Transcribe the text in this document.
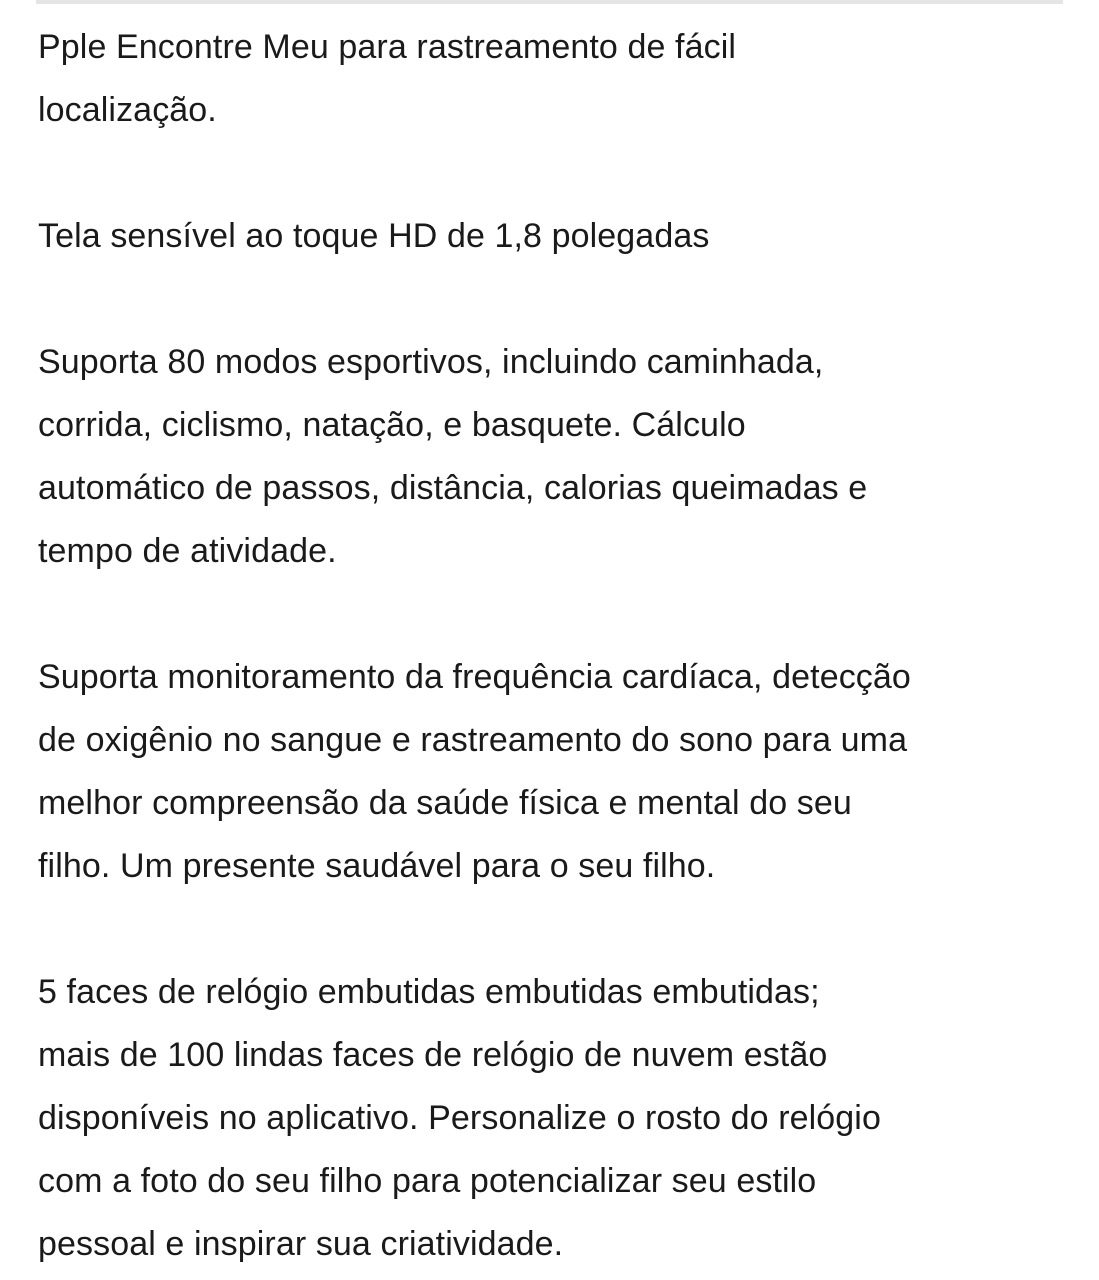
Pple Encontre Meu para rastreamento de fácil
localização.

Tela sensível ao toque HD de 1,8 polegadas

Suporta 80 modos esportivos, incluindo caminhada,
corrida, ciclismo, natação, e basquete. Cálculo
automático de passos, distância, calorias queimadas e
tempo de atividade.

Suporta monitoramento da frequência cardíaca, detecção
de oxigênio no sangue e rastreamento do sono para uma
melhor compreensão da saúde física e mental do seu
filho. Um presente saudável para o seu filho.

5 faces de relógio embutidas embutidas embutidas;
mais de 100 lindas faces de relógio de nuvem estão
disponíveis no aplicativo. Personalize o rosto do relógio
com a foto do seu filho para potencializar seu estilo
pessoal e inspirar sua criatividade.
